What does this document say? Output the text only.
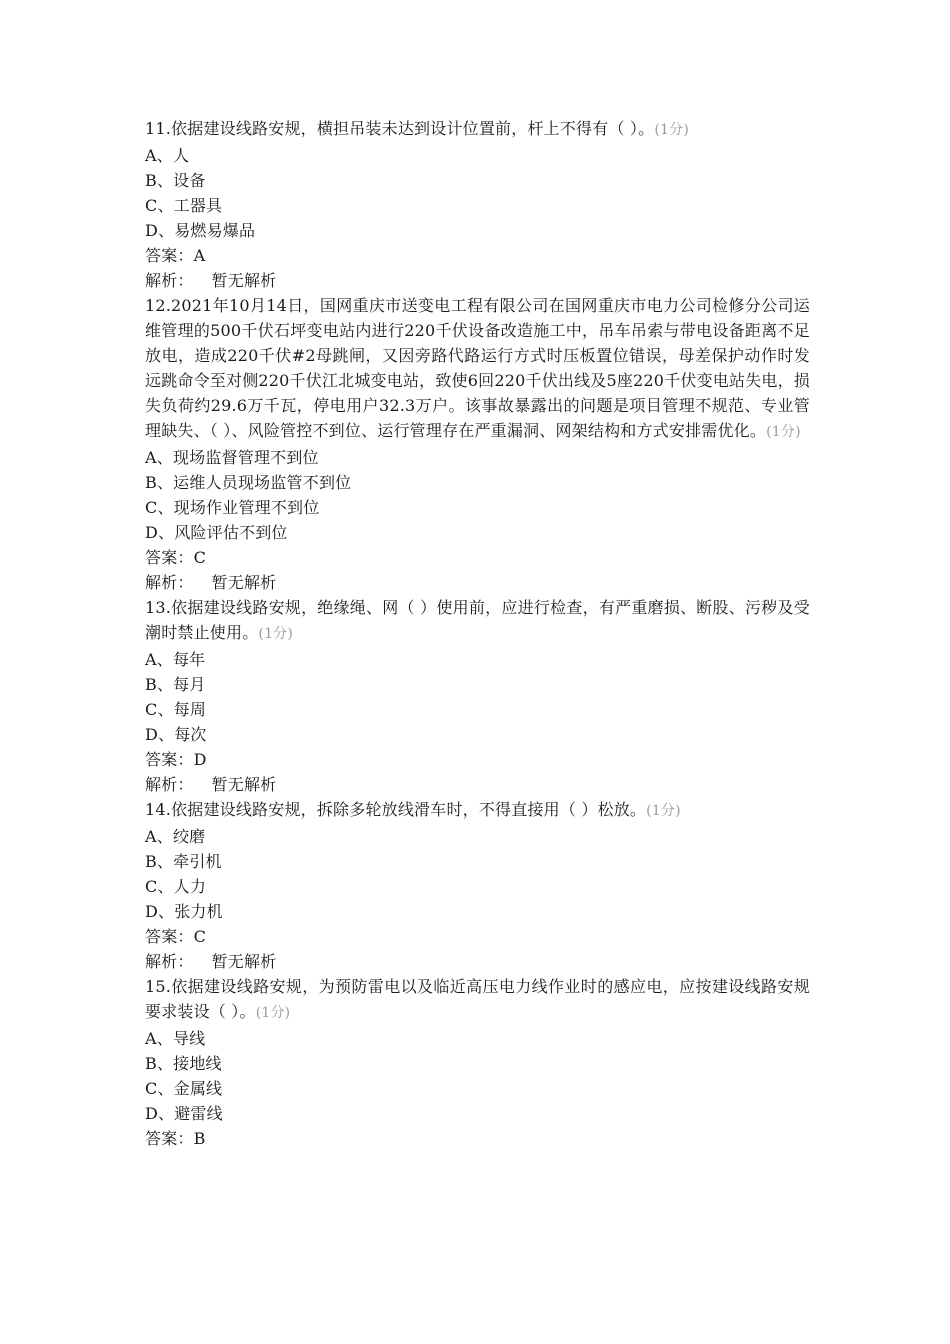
11.依据建设线路安规，横担吊装未达到设计位置前，杆上不得有（ ）。(1分)
A、人
B、设备
C、工器具
D、易燃易爆品
答案：A
解析： 暂无解析
12.2021年10月14日，国网重庆市送变电工程有限公司在国网重庆市电力公司检修分公司运维管理的500千伏石坪变电站内进行220千伏设备改造施工中，吊车吊索与带电设备距离不足放电，造成220千伏#2母跳闸，又因旁路代路运行方式时压板置位错误，母差保护动作时发远跳命令至对侧220千伏江北城变电站，致使6回220千伏出线及5座220千伏变电站失电，损失负荷约29.6万千瓦，停电用户32.3万户。该事故暴露出的问题是项目管理不规范、专业管理缺失、（ ）、风险管控不到位、运行管理存在严重漏洞、网架结构和方式安排需优化。(1分)
A、现场监督管理不到位
B、运维人员现场监管不到位
C、现场作业管理不到位
D、风险评估不到位
答案：C
解析： 暂无解析
13.依据建设线路安规，绝缘绳、网（ ）使用前，应进行检查，有严重磨损、断股、污秽及受潮时禁止使用。(1分)
A、每年
B、每月
C、每周
D、每次
答案：D
解析： 暂无解析
14.依据建设线路安规，拆除多轮放线滑车时，不得直接用（ ）松放。(1分)
A、绞磨
B、牵引机
C、人力
D、张力机
答案：C
解析： 暂无解析
15.依据建设线路安规，为预防雷电以及临近高压电力线作业时的感应电，应按建设线路安规要求装设（ ）。(1分)
A、导线
B、接地线
C、金属线
D、避雷线
答案：B
